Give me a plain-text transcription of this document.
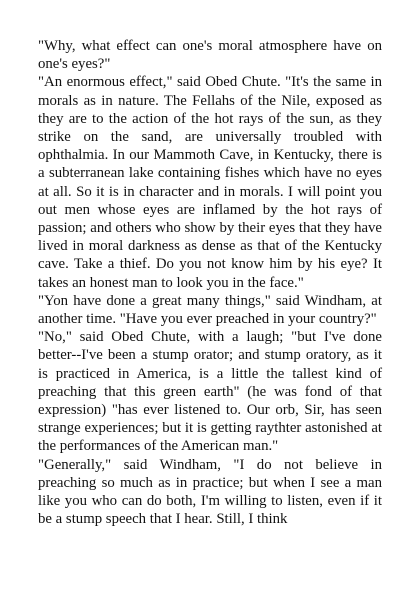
"Why, what effect can one's moral atmosphere have on one's eyes?"

"An enormous effect," said Obed Chute. "It's the same in morals as in nature. The Fellahs of the Nile, exposed as they are to the action of the hot rays of the sun, as they strike on the sand, are universally troubled with ophthalmia. In our Mammoth Cave, in Kentucky, there is a subterranean lake containing fishes which have no eyes at all. So it is in character and in morals. I will point you out men whose eyes are inflamed by the hot rays of passion; and others who show by their eyes that they have lived in moral darkness as dense as that of the Kentucky cave. Take a thief. Do you not know him by his eye? It takes an honest man to look you in the face."

"Yon have done a great many things," said Windham, at another time. "Have you ever preached in your country?"

"No," said Obed Chute, with a laugh; "but I've done better--I've been a stump orator; and stump oratory, as it is practiced in America, is a little the tallest kind of preaching that this green earth" (he was fond of that expression) "has ever listened to. Our orb, Sir, has seen strange experiences; but it is getting raythter astonished at the performances of the American man."

"Generally," said Windham, "I do not believe in preaching so much as in practice; but when I see a man like you who can do both, I'm willing to listen, even if it be a stump speech that I hear. Still, I think
